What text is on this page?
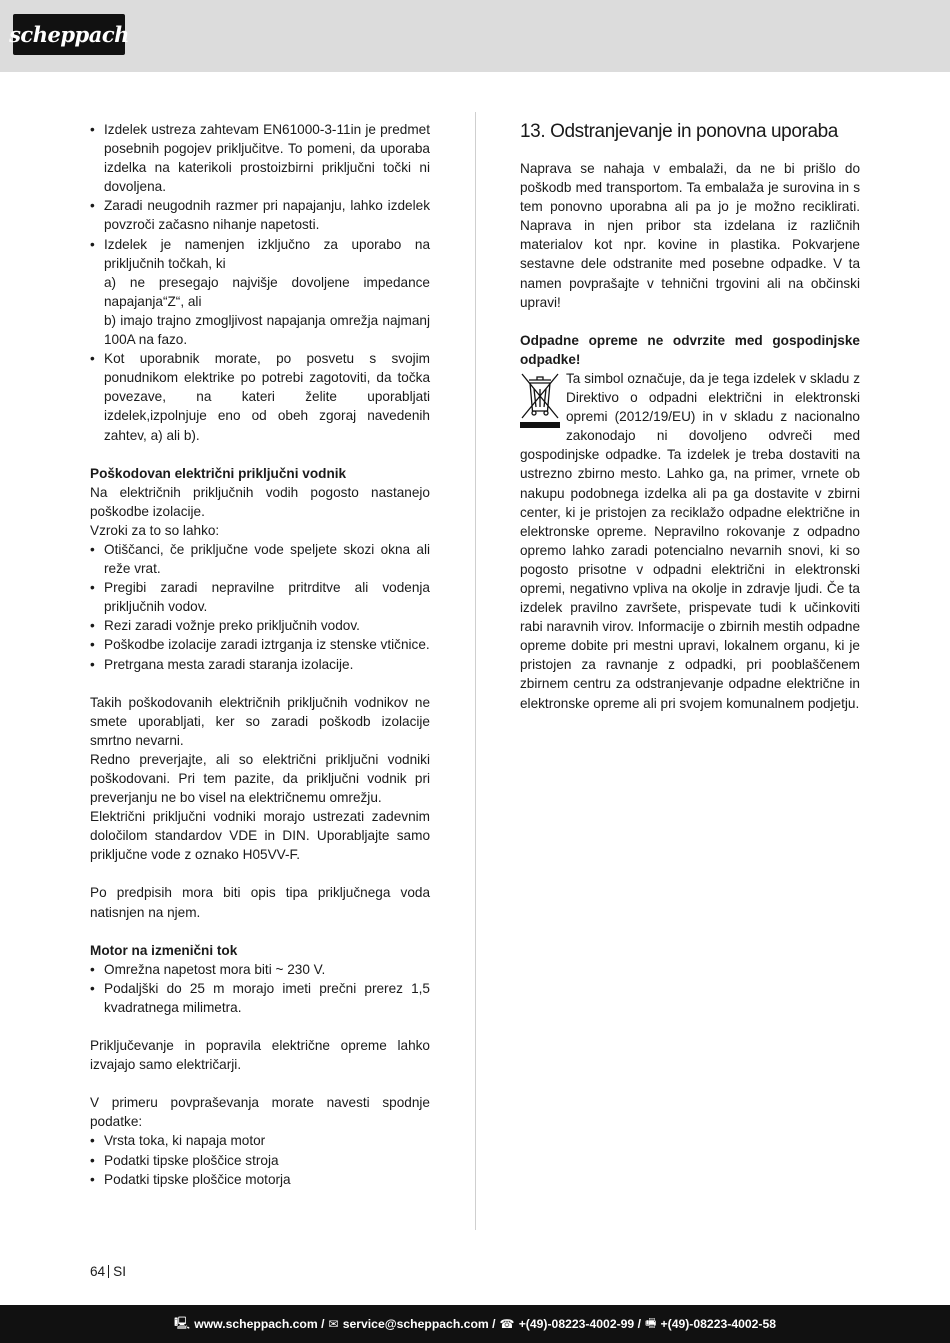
scheppach
• Izdelek ustreza zahtevam EN61000-3-11in je predmet posebnih pogojev priključitve. To pomeni, da uporaba izdelka na katerikoli prostoizbirni priključni točki ni dovoljena.
• Zaradi neugodnih razmer pri napajanju, lahko izdelek povzroči začasno nihanje napetosti.
• Izdelek je namenjen izključno za uporabo na priključnih točkah, ki
a) ne presegajo najvišje dovoljene impedance napajanja“Z“, ali
b) imajo trajno zmogljivost napajanja omrežja najmanj 100A na fazo.
• Kot uporabnik morate, po posvetu s svojim ponudnikom elektrike po potrebi zagotoviti, da točka povezave, na kateri želite uporabljati izdelek,izpolnjuje eno od obeh zgoraj navedenih zahtev, a) ali b).

Poškodovan električni priključni vodnik

Na električnih priključnih vodih pogosto nastanejo poškodbe izolacije.

Vzroki za to so lahko:

• Otiščanci, če priključne vode speljete skozi okna ali reže vrat.
• Pregibi zaradi nepravilne pritrditve ali vodenja priključnih vodov.
• Rezi zaradi vožnje preko priključnih vodov.
• Poškodbe izolacije zaradi iztrganja iz stenske vtičnice.
• Pretrgana mesta zaradi staranja izolacije.

Takih poškodovanih električnih priključnih vodnikov ne smete uporabljati, ker so zaradi poškodb izolacije smrtno nevarni.

Redno preverjajte, ali so električni priključni vodniki poškodovani. Pri tem pazite, da priključni vodnik pri preverjanju ne bo visel na električnemu omrežju.

Električni priključni vodniki morajo ustrezati zadevnim določilom standardov VDE in DIN. Uporabljajte samo priključne vode z oznako H05VV-F.

Po predpisih mora biti opis tipa priključnega voda natisnjen na njem.

Motor na izmenični tok

• Omrežna napetost mora biti ~ 230 V.
• Podaljški do 25 m morajo imeti prečni prerez 1,5 kvadratnega milimetra.

Priključevanje in popravila električne opreme lahko izvajajo samo električarji.

V primeru povpraševanja morate navesti spodnje podatke:

• Vrsta toka, ki napaja motor
• Podatki tipske ploščice stroja
• Podatki tipske ploščice motorja
13. Odstranjevanje in ponovna uporaba

Naprava se nahaja v embalaži, da ne bi prišlo do poškodb med transportom. Ta embalaža je surovina in s tem ponovno uporabna ali pa jo je možno reciklirati. Naprava in njen pribor sta izdelana iz različnih materialov kot npr. kovine in plastika. Pokvarjene sestavne dele odstranite med posebne odpadke. V ta namen povprašajte v tehnični trgovini ali na občinski upravi!

Odpadne opreme ne odvrzite med gospodinjske odpadke!

Ta simbol označuje, da je tega izdelek v skladu z Direktivo o odpadni električni in elektronski opremi (2012/19/EU) in v skladu z nacionalno zakonodajo ni dovoljeno odvreči med gospodinjske odpadke. Ta izdelek je treba dostaviti na ustrezno zbirno mesto. Lahko ga, na primer, vrnete ob nakupu podobnega izdelka ali pa ga dostavite v zbirni center, ki je pristojen za reciklažo odpadne električne in elektronske opreme. Nepravilno rokovanje z odpadno opremo lahko zaradi potencialno nevarnih snovi, ki so pogosto prisotne v odpadni električni in elektronski opremi, negativno vpliva na okolje in zdravje ljudi. Če ta izdelek pravilno završete, prispevate tudi k učinkoviti rabi naravnih virov. Informacije o zbirnih mestih odpadne opreme dobite pri mestni upravi, lokalnem organu, ki je pristojen za ravnanje z odpadki, pri pooblaščenem zbirnem centru za odstranjevanje odpadne električne in elektronske opreme ali pri svojem komunalnem podjetju.

64 SI
🖳 www.scheppach.com / ✉ service@scheppach.com / ☎ +(49)-08223-4002-99 / 🖷 +(49)-08223-4002-58
